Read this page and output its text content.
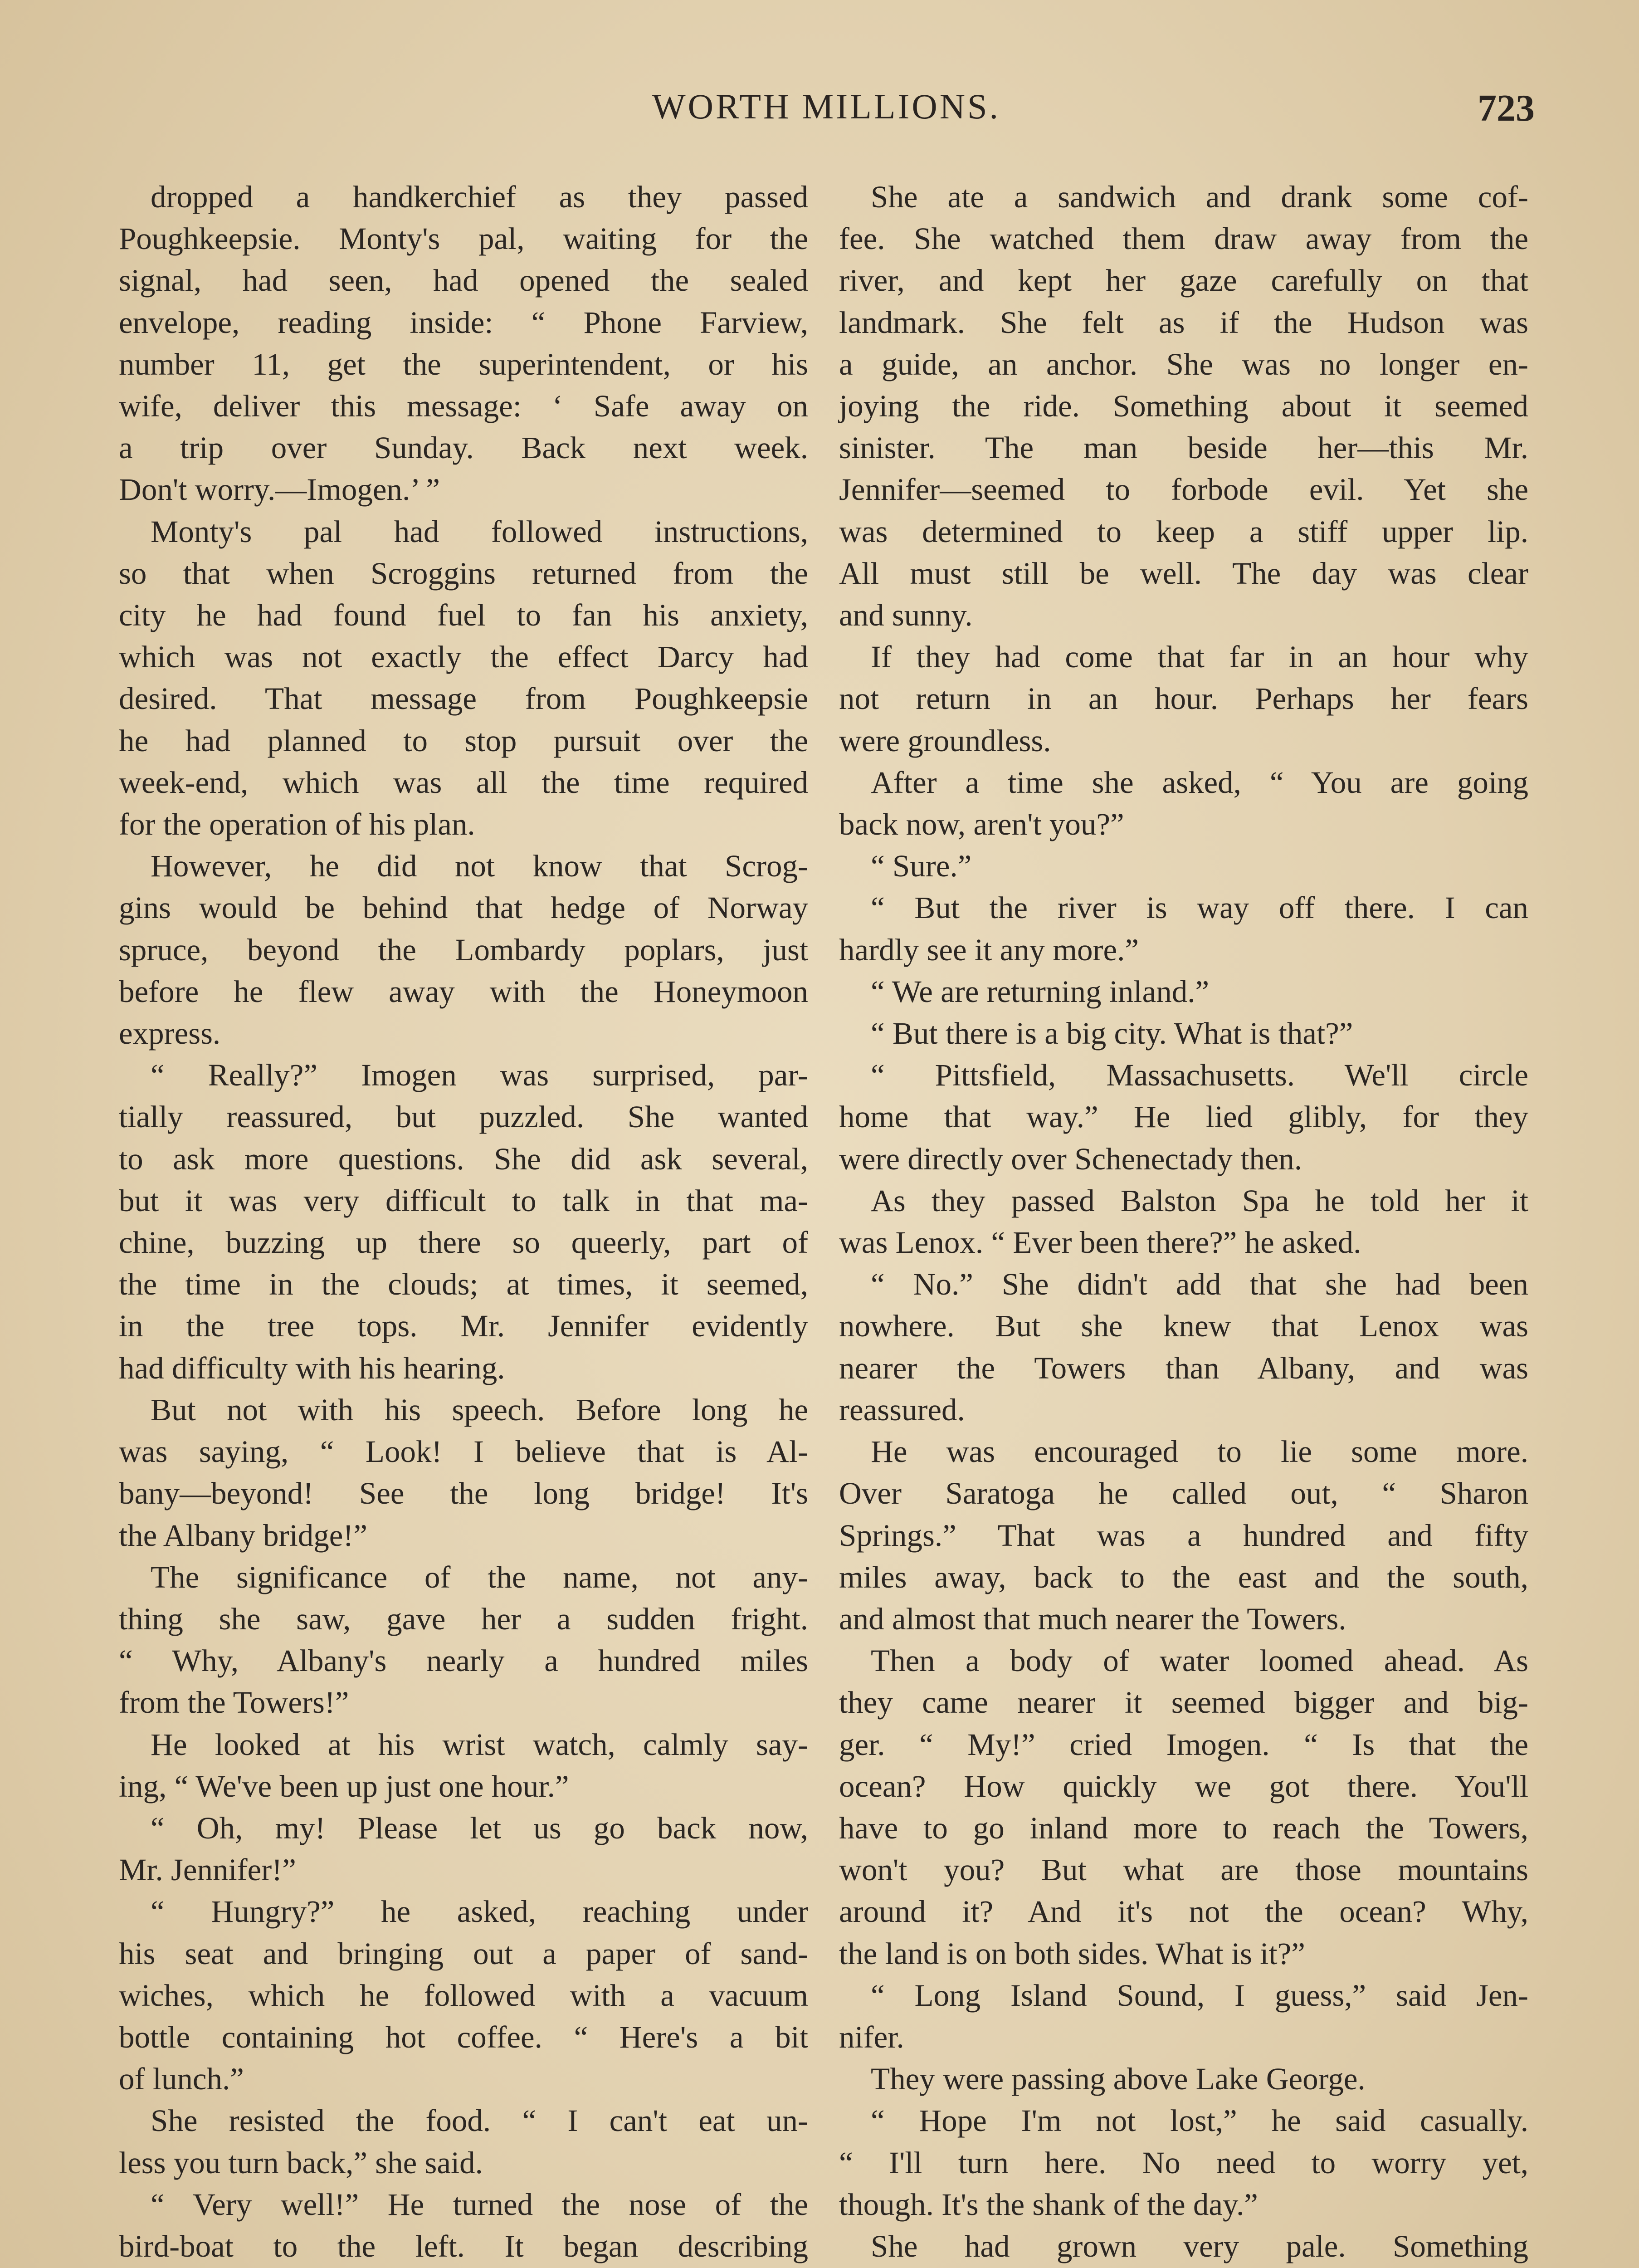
WORTH MILLIONS.	723

dropped a handkerchief as they passed

Poughkeepsie. Monty's pal, waiting for the

signal, had seen, had opened the sealed

envelope, reading inside: “ Phone Farview,

number 11, get the superintendent, or his

wife, deliver this message: ‘ Safe away on

a trip over Sunday. Back next week.

Don't worry.—Imogen.’ ”

Monty's pal had followed instructions,

so that when Scroggins returned from the

city he had found fuel to fan his anxiety,

which was not exactly the effect Darcy had

desired. That message from Poughkeepsie

he had planned to stop pursuit over the

week-end, which was all the time required

for the operation of his plan.

However, he did not know that Scrog-

gins would be behind that hedge of Norway

spruce, beyond the Lombardy poplars, just

before he flew away with the Honeymoon

express.

“ Really?” Imogen was surprised, par-

tially reassured, but puzzled. She wanted

to ask more questions. She did ask several,

but it was very difficult to talk in that ma-

chine, buzzing up there so queerly, part of

the time in the clouds; at times, it seemed,

in the tree tops. Mr. Jennifer evidently

had difficulty with his hearing.

But not with his speech. Before long he

was saying, “ Look! I believe that is Al-

bany—beyond! See the long bridge! It's

the Albany bridge!”

The significance of the name, not any-

thing she saw, gave her a sudden fright.

“ Why, Albany's nearly a hundred miles

from the Towers!”

He looked at his wrist watch, calmly say-

ing, “ We've been up just one hour.”

“ Oh, my! Please let us go back now,

Mr. Jennifer!”

“ Hungry?” he asked, reaching under

his seat and bringing out a paper of sand-

wiches, which he followed with a vacuum

bottle containing hot coffee. “ Here's a bit

of lunch.”

She resisted the food. “ I can't eat un-

less you turn back,” she said.

“ Very well!” He turned the nose of the

bird-boat to the left. It began describing

She ate a sandwich and drank some cof-

fee. She watched them draw away from the

river, and kept her gaze carefully on that

landmark. She felt as if the Hudson was

a guide, an anchor. She was no longer en-

joying the ride. Something about it seemed

sinister. The man beside her—this Mr.

Jennifer—seemed to forbode evil. Yet she

was determined to keep a stiff upper lip.

All must still be well. The day was clear

and sunny.

If they had come that far in an hour why

not return in an hour. Perhaps her fears

were groundless.

After a time she asked, “ You are going

back now, aren't you?”

“ Sure.”

“ But the river is way off there. I can

hardly see it any more.”

“ We are returning inland.”

“ But there is a big city. What is that?”

“ Pittsfield, Massachusetts. We'll circle

home that way.” He lied glibly, for they

were directly over Schenectady then.

As they passed Balston Spa he told her it

was Lenox. “ Ever been there?” he asked.

“ No.” She didn't add that she had been

nowhere. But she knew that Lenox was

nearer the Towers than Albany, and was

reassured.

He was encouraged to lie some more.

Over Saratoga he called out, “ Sharon

Springs.” That was a hundred and fifty

miles away, back to the east and the south,

and almost that much nearer the Towers.

Then a body of water loomed ahead. As

they came nearer it seemed bigger and big-

ger. “ My!” cried Imogen. “ Is that the

ocean? How quickly we got there. You'll

have to go inland more to reach the Towers,

won't you? But what are those mountains

around it? And it's not the ocean? Why,

the land is on both sides. What is it?”

“ Long Island Sound, I guess,” said Jen-

nifer.

They were passing above Lake George.

“ Hope I'm not lost,” he said casually.

“ I'll turn here. No need to worry yet,

though. It's the shank of the day.”

She had grown very pale. Something
